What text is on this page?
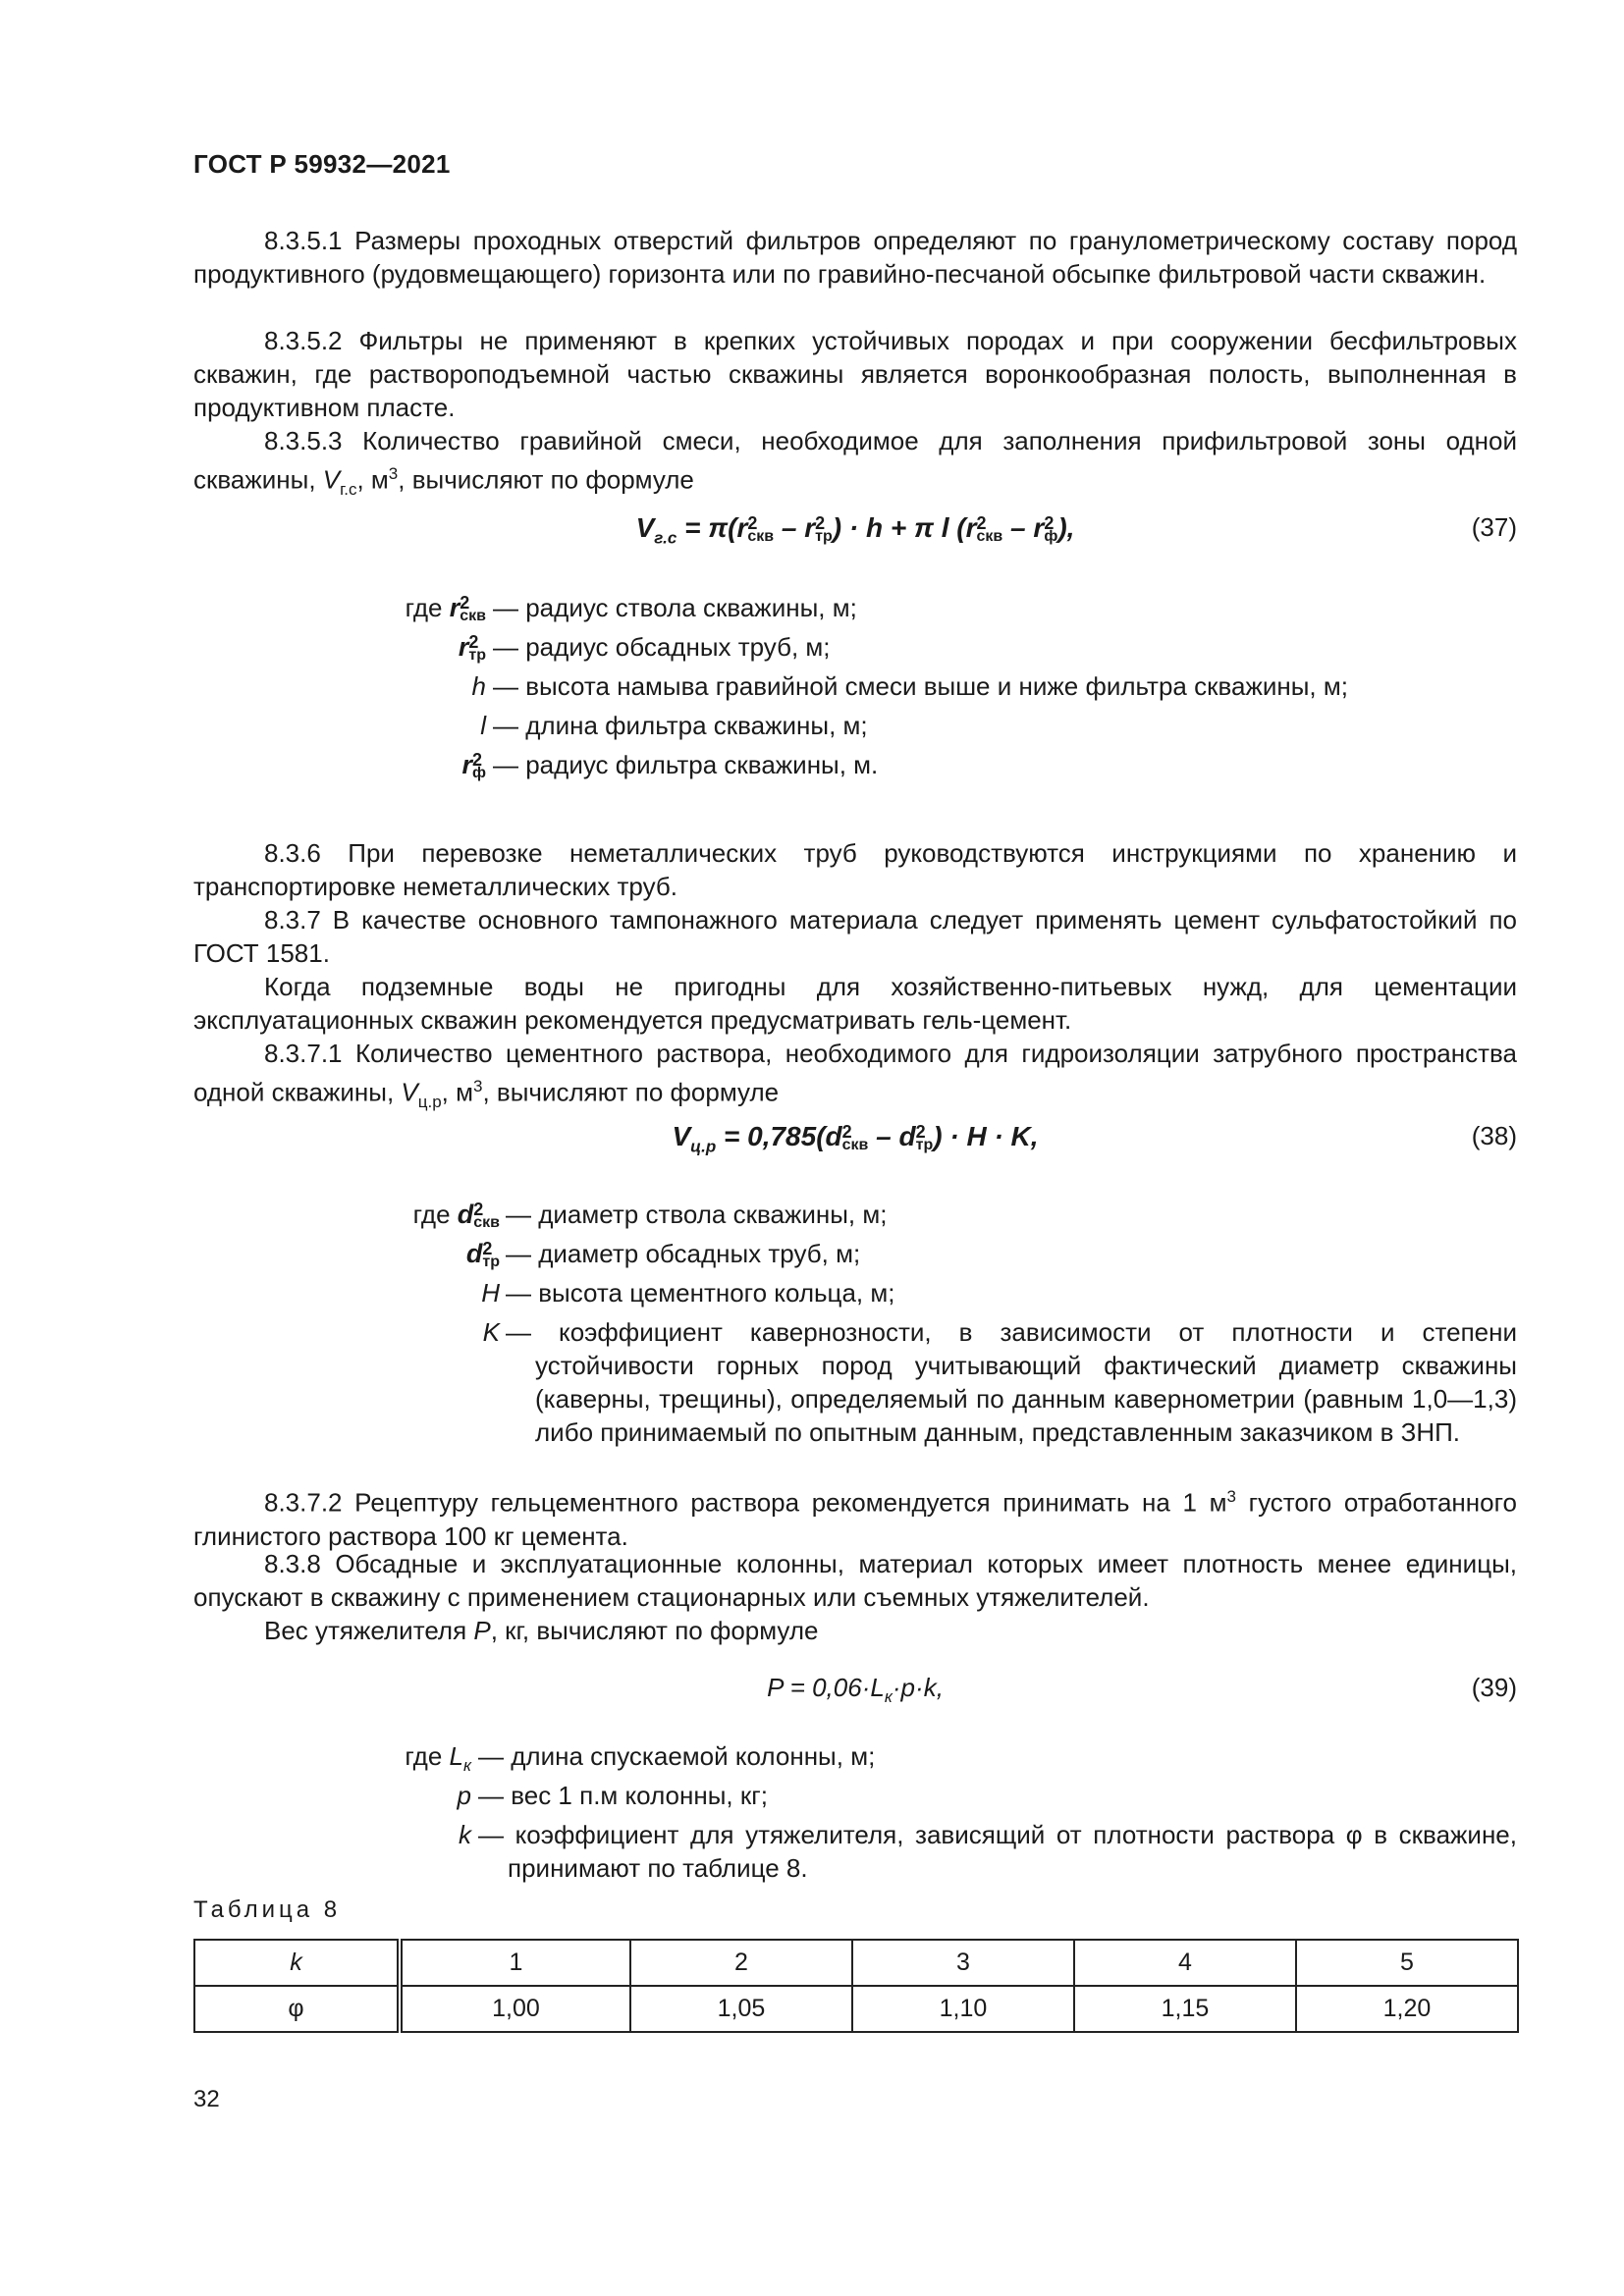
ГОСТ Р 59932—2021

8.3.5.1 Размеры проходных отверстий фильтров определяют по гранулометрическому составу пород продуктивного (рудовмещающего) горизонта или по гравийно-песчаной обсыпке фильтровой части скважин.

8.3.5.2 Фильтры не применяют в крепких устойчивых породах и при сооружении бесфильтровых скважин, где раствороподъемной частью скважины является воронкообразная полость, выполненная в продуктивном пласте.

8.3.5.3 Количество гравийной смеси, необходимое для заполнения прифильтровой зоны одной скважины, $V_{г.с}$, $м^3$, вычисляют по формуле

$V_{г.с} = \pi(r$ 2
скв – r 2
тр ) · h + π l (r 2
скв – r 2
ф ),	(37)
где r 2
скв — радиус ствола скважины, м;
r 2
тр — радиус обсадных труб, м;
h — высота намыва гравийной смеси выше и ниже фильтра скважины, м;
l — длина фильтра скважины, м;
r 2
ф — радиус фильтра скважины, м.

8.3.6 При перевозке неметаллических труб руководствуются инструкциями по хранению и транспортировке неметаллических труб.

8.3.7 В качестве основного тампонажного материала следует применять цемент сульфатостойкий по ГОСТ 1581.

Когда подземные воды не пригодны для хозяйственно-питьевых нужд, для цементации эксплуатационных скважин рекомендуется предусматривать гель-цемент.

8.3.7.1 Количество цементного раствора, необходимого для гидроизоляции затрубного пространства одной скважины, $V_{ц.р}$, $м^3$, вычисляют по формуле

$V_{ц.р} = 0,785(d$ 2
скв – d 2
тр ) · H · K,	(38)
где d 2
скв — диаметр ствола скважины, м;
d 2
тр — диаметр обсадных труб, м;
H — высота цементного кольца, м;
K — коэффициент кавернозности, в зависимости от плотности и степени устойчивости горных пород учитывающий фактический диаметр скважины (каверны, трещины), определяемый по данным кавернометрии (равным 1,0—1,3) либо принимаемый по опытным данным, представленным заказчиком в ЗНП.

8.3.7.2 Рецептуру гельцементного раствора рекомендуется принимать на 1 $м^3$ густого отработанного глинистого раствора 100 кг цемента.

8.3.8 Обсадные и эксплуатационные колонны, материал которых имеет плотность менее единицы, опускают в скважину с применением стационарных или съемных утяжелителей.

Вес утяжелителя P, кг, вычисляют по формуле

$P = 0,06\cdot L_к\cdot p\cdot k$,	(39)
где $L_к$ — длина спускаемой колонны, м;
p — вес 1 п.м колонны, кг;
k — коэффициент для утяжелителя, зависящий от плотности раствора φ в скважине, принимают по таблице 8.
Таблица 8
k	1	2	3	4	5
φ	1,00	1,05	1,10	1,15	1,20
32
